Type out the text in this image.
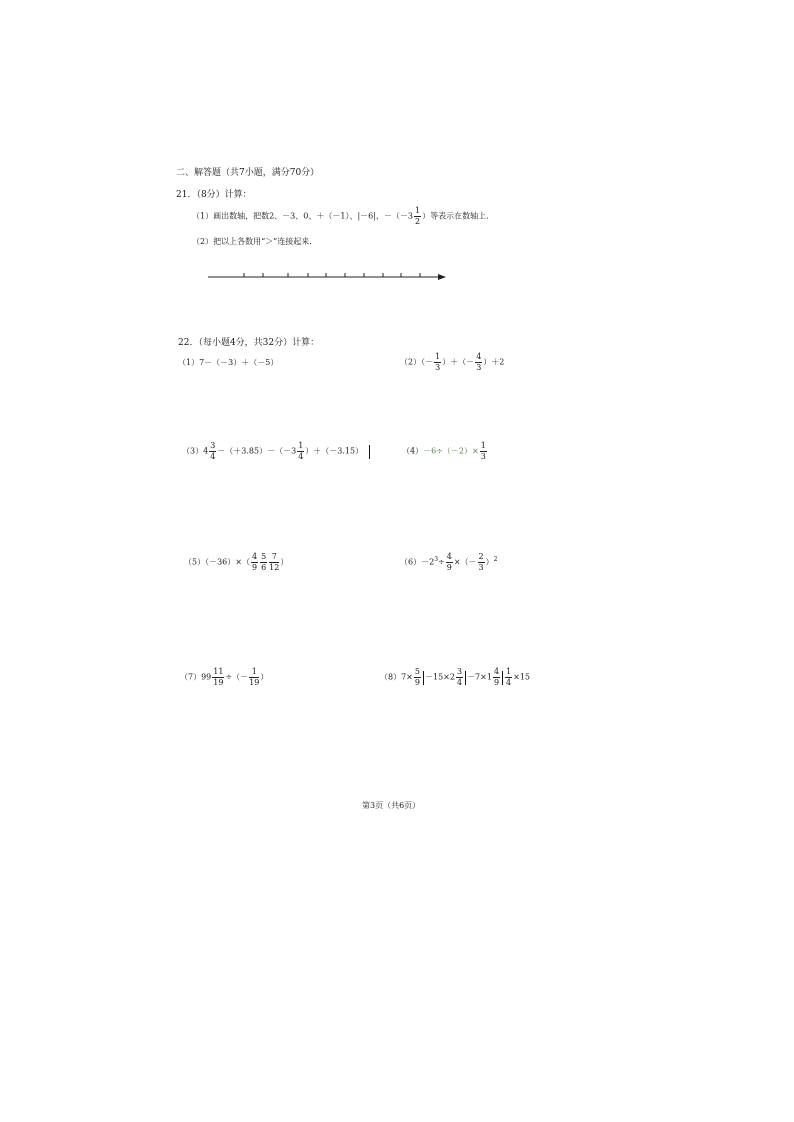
二、解答题（共7小题，满分70分）
21．（8分）计算：
（1）画出数轴，把数2、－3、0、＋（－1）、|－6|、$-(-3 \frac{1}{2}$ ）等表示在数轴上.
（2）把以上各数用“＞”连接起来.
22．（每小题4分，共32分）计算：
（1）7－（－3）＋（－5）	$(2)(- \frac{1}{3}$ ）＋（－ $\frac{4}{3} )+2$
$(3)4 \frac{3}{4} -(+3.85)-(-3 \frac{1}{4} )+(-3.15)$	$(4)-6\div(-2)\times \frac{1}{3}$
$(5)(-36)\times( \frac{4}{9} \frac{5}{6} \frac{7}{12}$ ）	$(6)-2^3\div \frac{4}{9}$ ×（－ $\frac{2}{3} )^2$
$(7)99 \frac{11}{19}$ ÷（－ $\frac{1}{19}$ ）	$(8)7\times \frac{5}{9} -15\times 2 \frac{3}{4} -7\times 1 \frac{4}{9} \frac{1}{4} \times 15$
第3页（共6页）
